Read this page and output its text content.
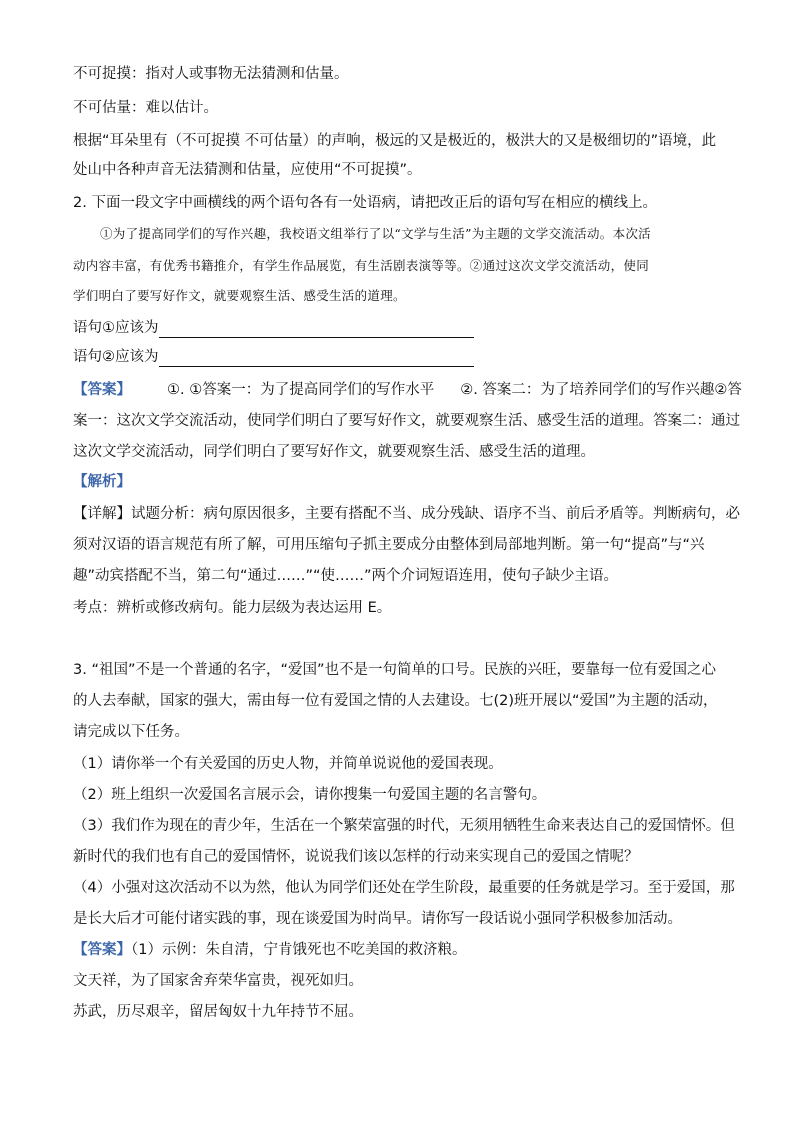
不可捉摸：指对人或事物无法猜测和估量。
不可估量：难以估计。
根据“耳朵里有（不可捉摸 不可估量）的声响，极远的又是极近的，极洪大的又是极细切的”语境，此
处山中各种声音无法猜测和估量，应使用“不可捉摸”。
2. 下面一段文字中画横线的两个语句各有一处语病，请把改正后的语句写在相应的横线上。
①为了提高同学们的写作兴趣，我校语文组举行了以“文学与生活”为主题的文学交流活动。本次活
动内容丰富，有优秀书籍推介，有学生作品展览，有生活剧表演等等。②通过这次文学交流活动，使同
学们明白了要写好作文，就要观察生活、感受生活的道理。
语句①应该为
语句②应该为
【答案】 ①. ①答案一：为了提高同学们的写作水平 ②. 答案二：为了培养同学们的写作兴趣②答
案一：这次文学交流活动，使同学们明白了要写好作文，就要观察生活、感受生活的道理。答案二：通过
这次文学交流活动，同学们明白了要写好作文，就要观察生活、感受生活的道理。
【解析】
【详解】试题分析：病句原因很多，主要有搭配不当、成分残缺、语序不当、前后矛盾等。判断病句，必
须对汉语的语言规范有所了解，可用压缩句子抓主要成分由整体到局部地判断。第一句“提高”与“兴
趣”动宾搭配不当，第二句“通过……”“使……”两个介词短语连用，使句子缺少主语。
考点：辨析或修改病句。能力层级为表达运用 E。
3. “祖国”不是一个普通的名字，“爱国”也不是一句简单的口号。民族的兴旺，要靠每一位有爱国之心
的人去奉献，国家的强大，需由每一位有爱国之情的人去建设。七(2)班开展以“爱国”为主题的活动，
请完成以下任务。
（1）请你举一个有关爱国的历史人物，并简单说说他的爱国表现。
（2）班上组织一次爱国名言展示会，请你搜集一句爱国主题的名言警句。
（3）我们作为现在的青少年，生活在一个繁荣富强的时代，无须用牺牲生命来表达自己的爱国情怀。但
新时代的我们也有自己的爱国情怀，说说我们该以怎样的行动来实现自己的爱国之情呢？
（4）小强对这次活动不以为然，他认为同学们还处在学生阶段，最重要的任务就是学习。至于爱国，那
是长大后才可能付诸实践的事，现在谈爱国为时尚早。请你写一段话说小强同学积极参加活动。
【答案】（1）示例：朱自清，宁肯饿死也不吃美国的救济粮。
文天祥，为了国家舍弃荣华富贵，视死如归。
苏武，历尽艰辛，留居匈奴十九年持节不屈。
